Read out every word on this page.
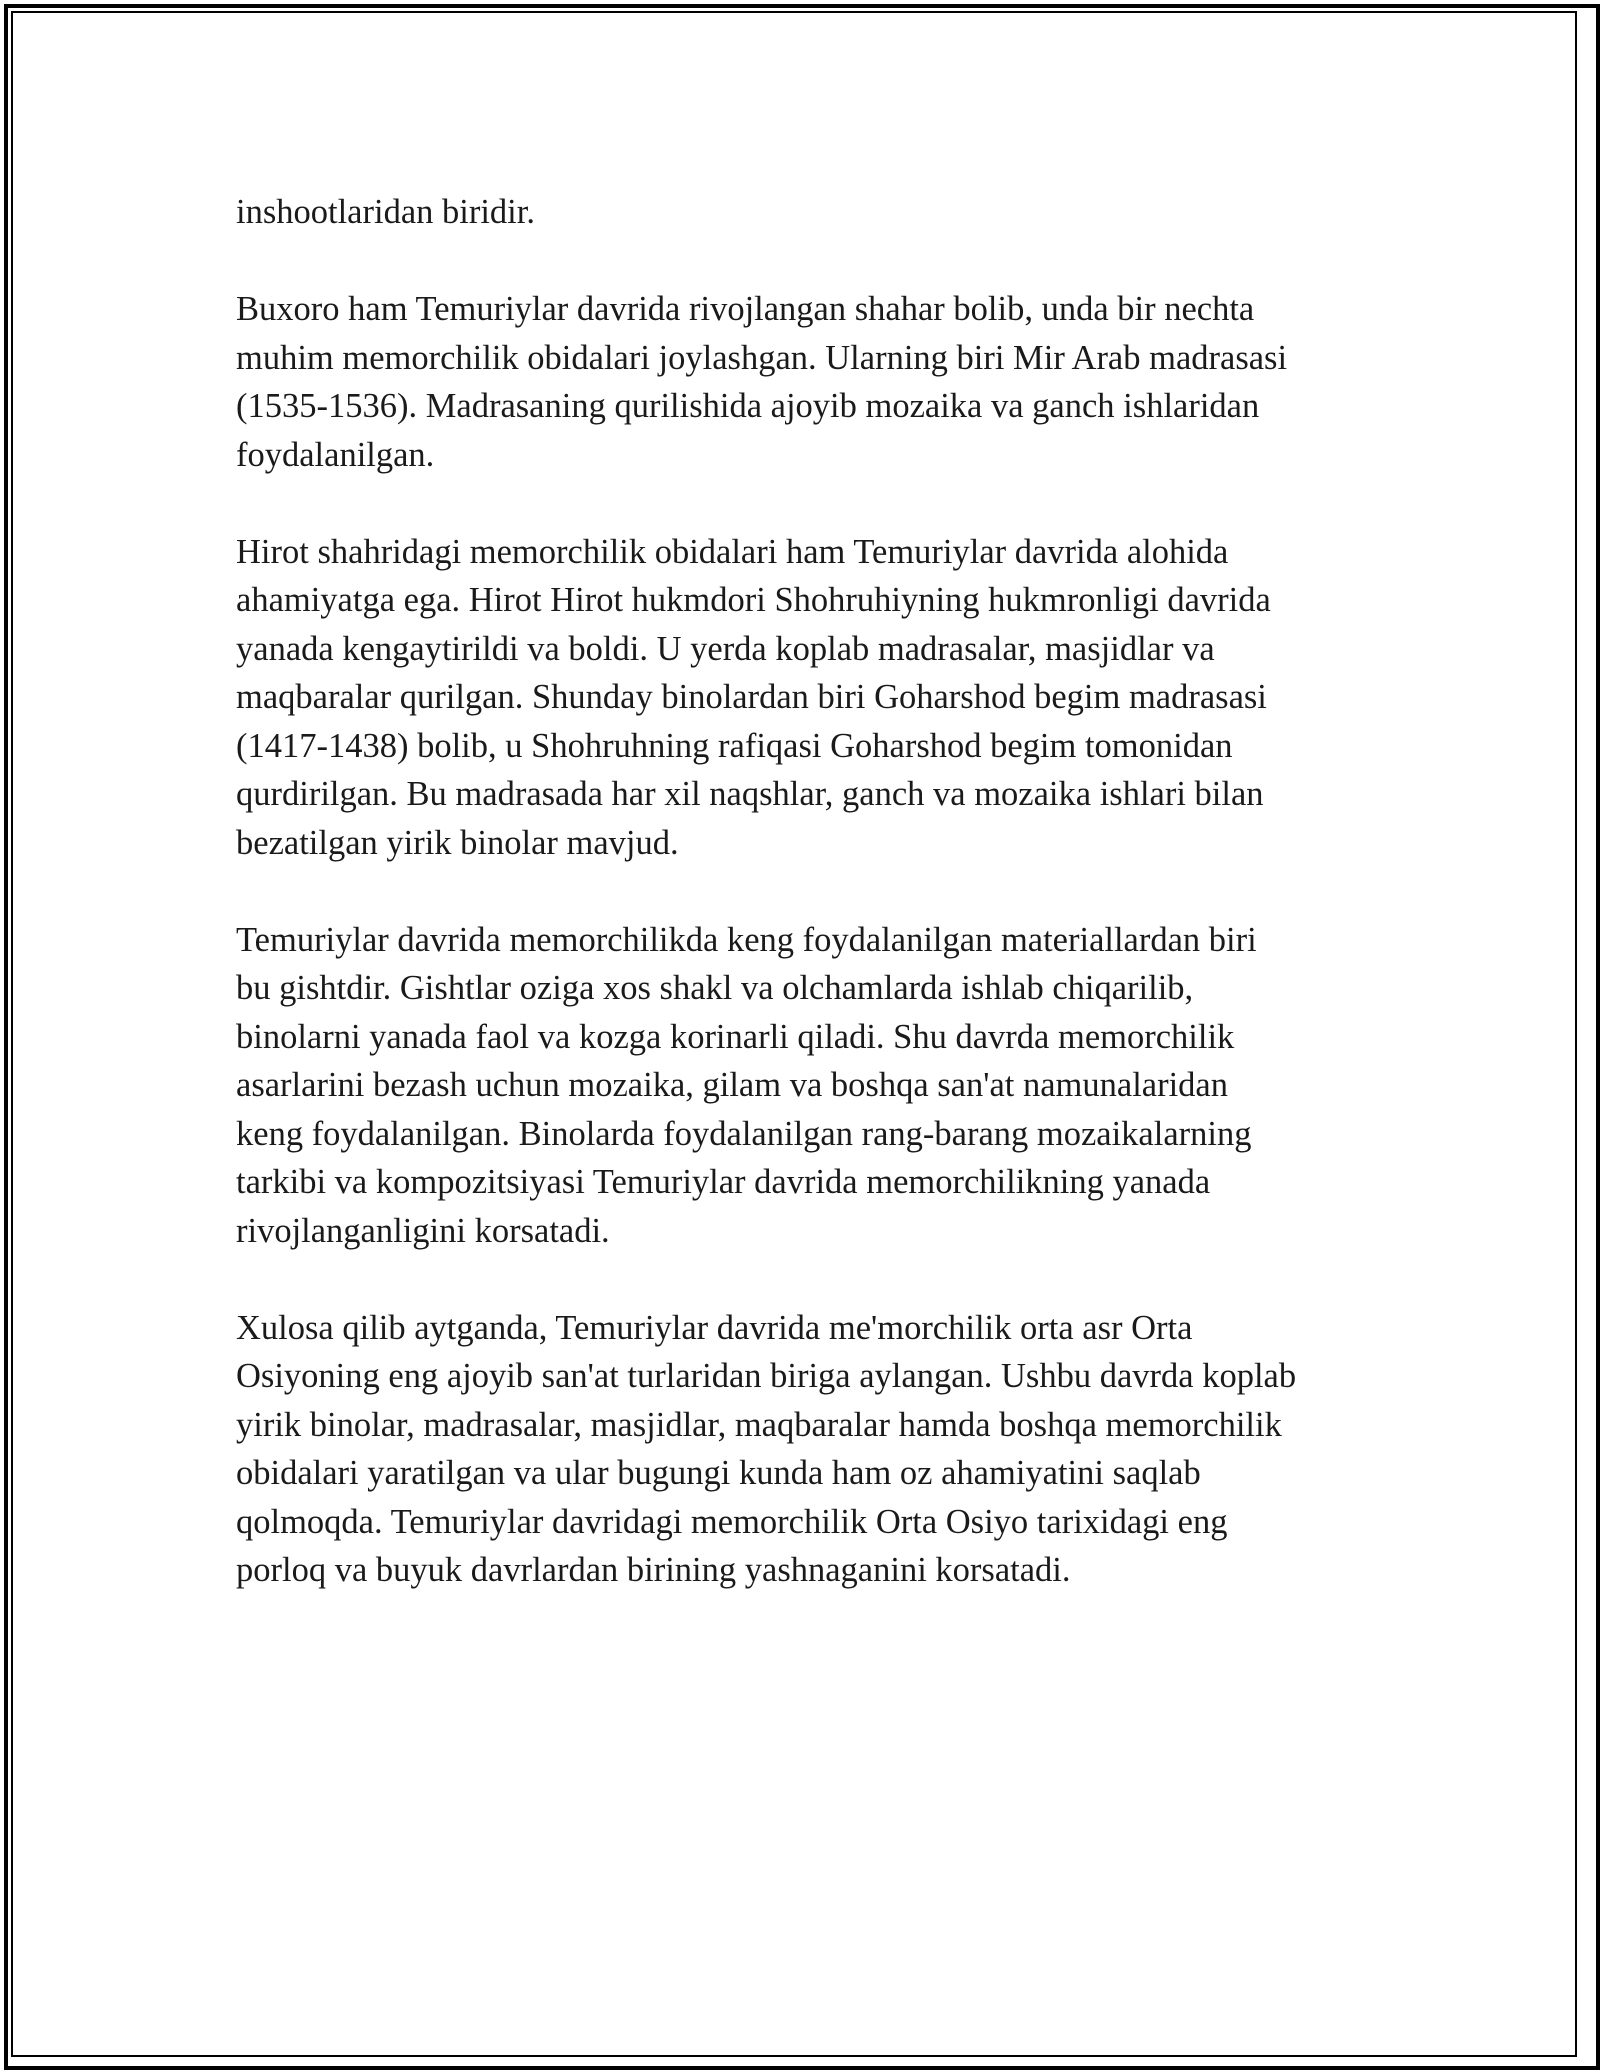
inshootlaridan biridir.

Buxoro ham Temuriylar davrida rivojlangan shahar bolib, unda bir nechta
muhim memorchilik obidalari joylashgan. Ularning biri Mir Arab madrasasi
(1535-1536). Madrasaning qurilishida ajoyib mozaika va ganch ishlaridan
foydalanilgan.

Hirot shahridagi memorchilik obidalari ham Temuriylar davrida alohida
ahamiyatga ega. Hirot Hirot hukmdori Shohruhiyning hukmronligi davrida
yanada kengaytirildi va boldi. U yerda koplab madrasalar, masjidlar va
maqbaralar qurilgan. Shunday binolardan biri Goharshod begim madrasasi
(1417-1438) bolib, u Shohruhning rafiqasi Goharshod begim tomonidan
qurdirilgan. Bu madrasada har xil naqshlar, ganch va mozaika ishlari bilan
bezatilgan yirik binolar mavjud.

Temuriylar davrida memorchilikda keng foydalanilgan materiallardan biri
bu gishtdir. Gishtlar oziga xos shakl va olchamlarda ishlab chiqarilib,
binolarni yanada faol va kozga korinarli qiladi. Shu davrda memorchilik
asarlarini bezash uchun mozaika, gilam va boshqa san'at namunalaridan
keng foydalanilgan. Binolarda foydalanilgan rang-barang mozaikalarning
tarkibi va kompozitsiyasi Temuriylar davrida memorchilikning yanada
rivojlanganligini korsatadi.

Xulosa qilib aytganda, Temuriylar davrida me'morchilik orta asr Orta
Osiyoning eng ajoyib san'at turlaridan biriga aylangan. Ushbu davrda koplab
yirik binolar, madrasalar, masjidlar, maqbaralar hamda boshqa memorchilik
obidalari yaratilgan va ular bugungi kunda ham oz ahamiyatini saqlab
qolmoqda. Temuriylar davridagi memorchilik Orta Osiyo tarixidagi eng
porloq va buyuk davrlardan birining yashnaganini korsatadi.
